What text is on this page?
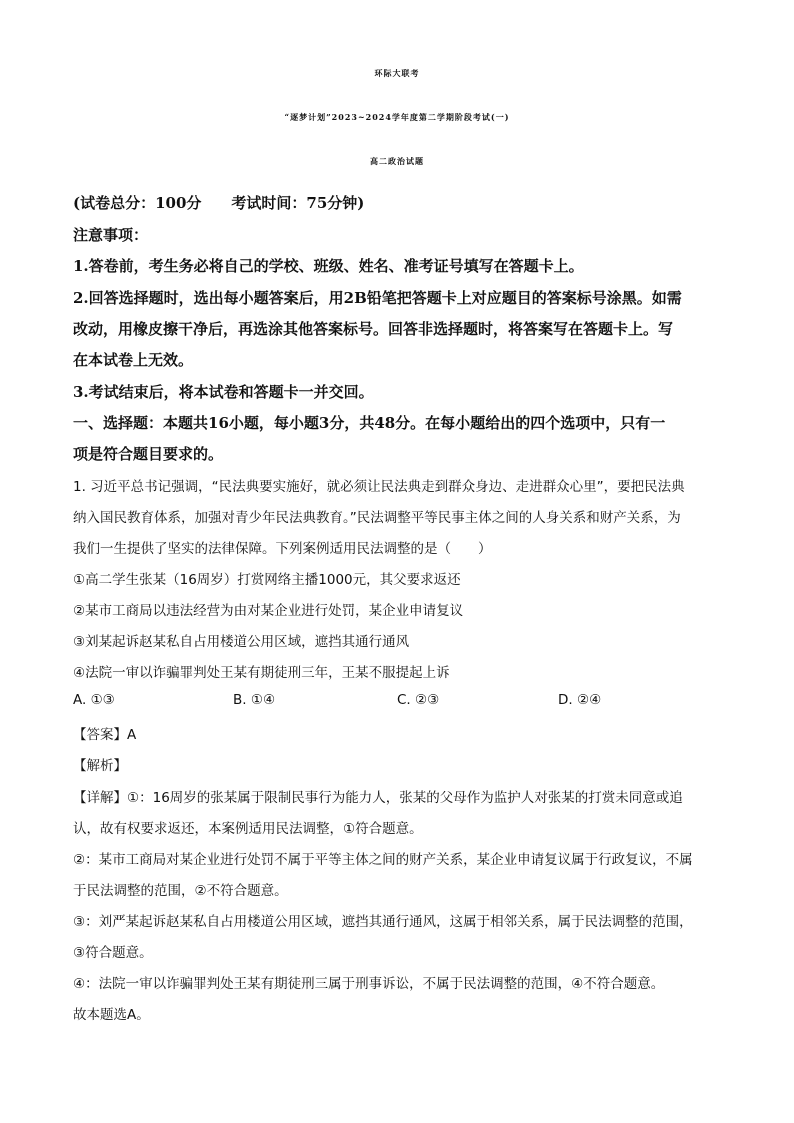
环际大联考
“逐梦计划”2023~2024学年度第二学期阶段考试(一)
高二政治试题
(试卷总分：100分　　考试时间：75分钟)
注意事项：
1.答卷前，考生务必将自己的学校、班级、姓名、准考证号填写在答题卡上。
2.回答选择题时，选出每小题答案后，用2B铅笔把答题卡上对应题目的答案标号涂黑。如需
改动，用橡皮擦干净后，再选涂其他答案标号。回答非选择题时，将答案写在答题卡上。写
在本试卷上无效。
3.考试结束后，将本试卷和答题卡一并交回。
一、选择题：本题共16小题，每小题3分，共48分。在每小题给出的四个选项中，只有一
项是符合题目要求的。
1. 习近平总书记强调，“民法典要实施好，就必须让民法典走到群众身边、走进群众心里”，要把民法典
纳入国民教育体系，加强对青少年民法典教育。”民法调整平等民事主体之间的人身关系和财产关系，为
我们一生提供了坚实的法律保障。下列案例适用民法调整的是（　　）
①高二学生张某（16周岁）打赏网络主播1000元，其父要求返还
②某市工商局以违法经营为由对某企业进行处罚，某企业申请复议
③刘某起诉赵某私自占用楼道公用区域，遮挡其通行通风
④法院一审以诈骗罪判处王某有期徒刑三年，王某不服提起上诉
A. ①③	B. ①④	C. ②③	D. ②④
【答案】A
【解析】
【详解】①：16周岁的张某属于限制民事行为能力人，张某的父母作为监护人对张某的打赏未同意或追
认，故有权要求返还，本案例适用民法调整，①符合题意。
②：某市工商局对某企业进行处罚不属于平等主体之间的财产关系，某企业申请复议属于行政复议，不属
于民法调整的范围，②不符合题意。
③：刘严某起诉赵某私自占用楼道公用区域，遮挡其通行通风，这属于相邻关系，属于民法调整的范围，
③符合题意。
④：法院一审以诈骗罪判处王某有期徒刑三属于刑事诉讼，不属于民法调整的范围，④不符合题意。
故本题选A。
